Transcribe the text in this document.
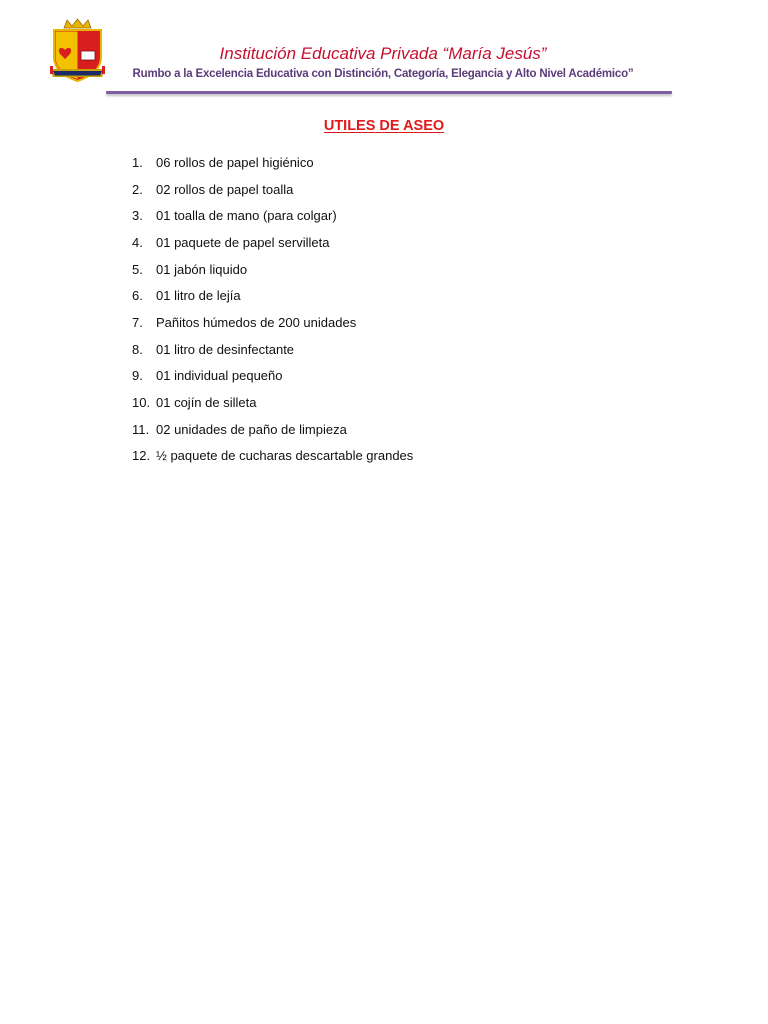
Institución Educativa Privada “María Jesús”
Rumbo a la Excelencia Educativa con Distinción, Categoría, Elegancia y Alto Nivel Académico”
UTILES DE ASEO
1.	06 rollos de papel higiénico
2.	02 rollos de papel toalla
3.	01 toalla de mano (para colgar)
4.	01 paquete de papel servilleta
5.	01 jabón liquido
6.	01 litro de lejía
7.	Pañitos húmedos de 200 unidades
8.	01 litro de desinfectante
9.	01 individual pequeño
10. 01 cojín de silleta
11. 02 unidades de paño de limpieza
12. ½ paquete de cucharas descartable grandes
